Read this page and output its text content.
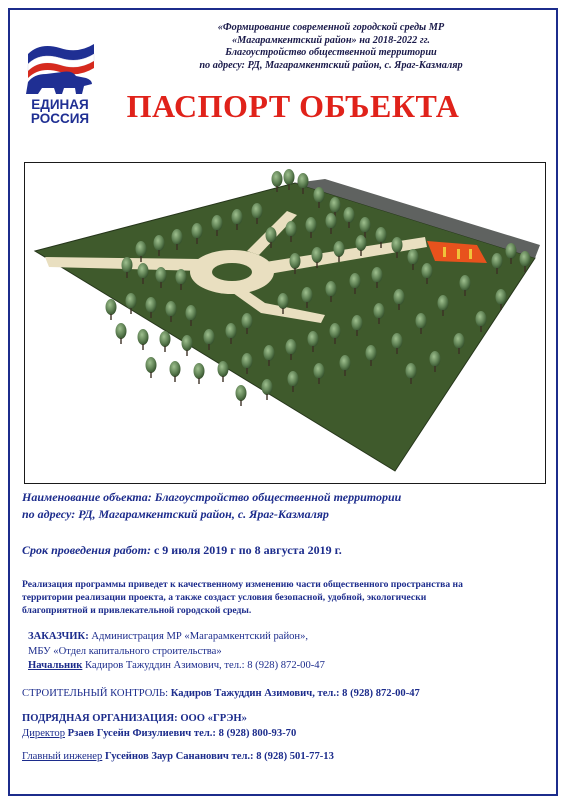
ЕДИНАЯ
РОССИЯ
«Формирование современной городской среды МР
«Магарамкентский район» на 2018-2022 гг.
Благоустройство общественной территории
по адресу: РД, Магарамкентский район, с. Яраг-Казмаляр
ПАСПОРТ ОБЪЕКТА
Наименование объекта: Благоустройство общественной территории
по адресу: РД, Магарамкентский район, с. Яраг-Казмаляр
Срок проведения работ: с 9 июля 2019 г по 8 августа 2019 г.
Реализация программы приведет к качественному изменению части общественного пространства на
территории реализации проекта, а также создаст условия безопасной, удобной, экологически
благоприятной и привлекательной городской среды.
ЗАКАЗЧИК: Администрация МР «Магарамкентский район»,
МБУ «Отдел капитального строительства»
Начальник Кадиров Тажуддин Азимович, тел.: 8 (928) 872-00-47
СТРОИТЕЛЬНЫЙ КОНТРОЛЬ: Кадиров Тажуддин Азимович, тел.: 8 (928) 872-00-47
ПОДРЯДНАЯ ОРГАНИЗАЦИЯ: ООО «ГРЭН»
Директор Рзаев Гусейн Физулиевич тел.: 8 (928) 800-93-70
Главный инженер Гусейнов Заур Сананович тел.: 8 (928) 501-77-13
